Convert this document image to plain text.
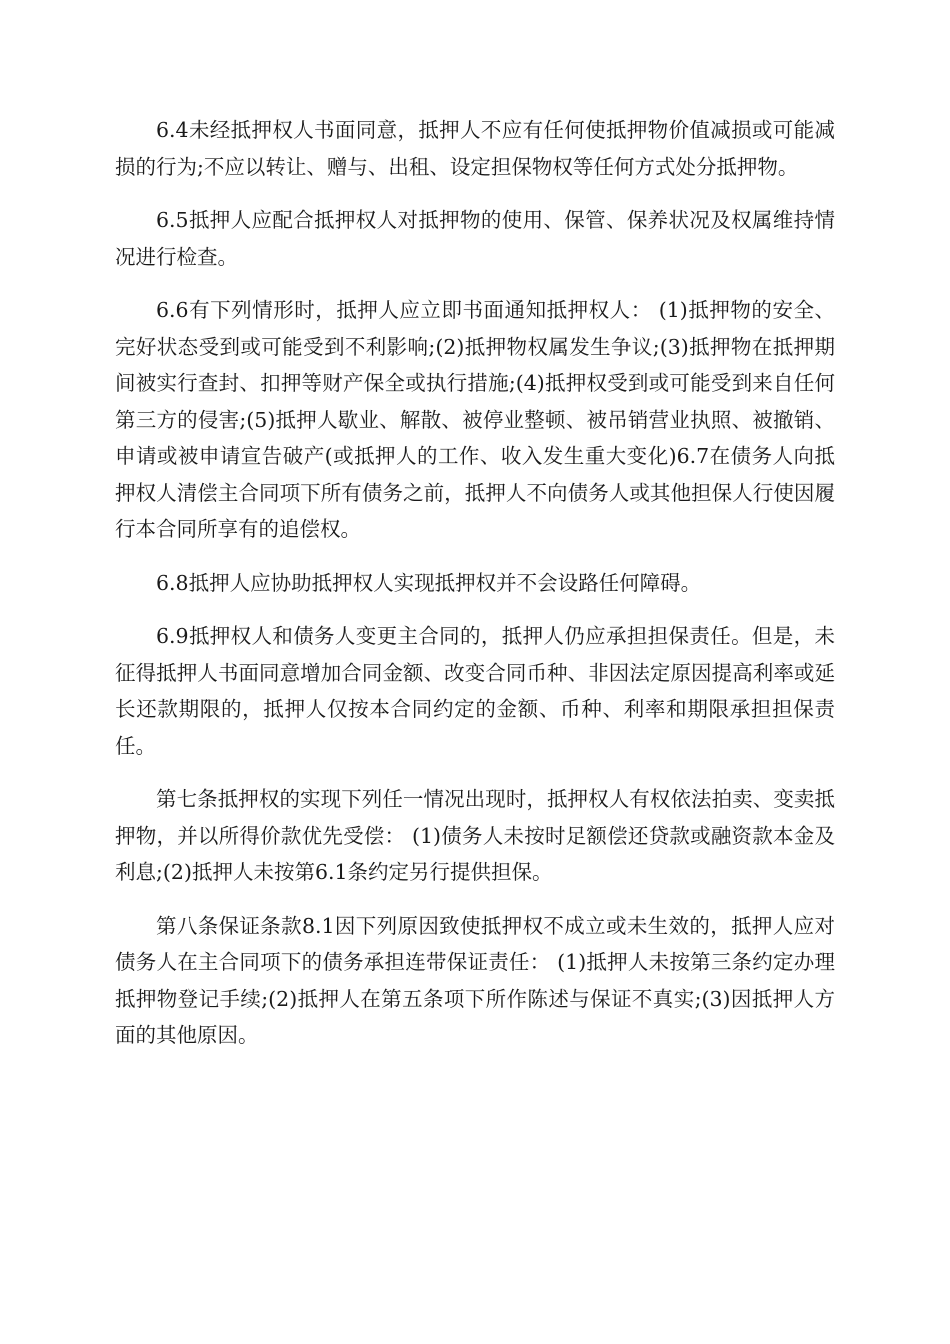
6.4未经抵押权人书面同意，抵押人不应有任何使抵押物价值减损或可能减损的行为;不应以转让、赠与、出租、设定担保物权等任何方式处分抵押物。

6.5抵押人应配合抵押权人对抵押物的使用、保管、保养状况及权属维持情况进行检查。

6.6有下列情形时，抵押人应立即书面通知抵押权人： (1)抵押物的安全、完好状态受到或可能受到不利影响;(2)抵押物权属发生争议;(3)抵押物在抵押期间被实行查封、扣押等财产保全或执行措施;(4)抵押权受到或可能受到来自任何第三方的侵害;(5)抵押人歇业、解散、被停业整顿、被吊销营业执照、被撤销、申请或被申请宣告破产(或抵押人的工作、收入发生重大变化)6.7在债务人向抵押权人清偿主合同项下所有债务之前，抵押人不向债务人或其他担保人行使因履行本合同所享有的追偿权。

6.8抵押人应协助抵押权人实现抵押权并不会设路任何障碍。

6.9抵押权人和债务人变更主合同的，抵押人仍应承担担保责任。但是，未征得抵押人书面同意增加合同金额、改变合同币种、非因法定原因提高利率或延长还款期限的，抵押人仅按本合同约定的金额、币种、利率和期限承担担保责任。

第七条抵押权的实现下列任一情况出现时，抵押权人有权依法拍卖、变卖抵押物，并以所得价款优先受偿： (1)债务人未按时足额偿还贷款或融资款本金及利息;(2)抵押人未按第6.1条约定另行提供担保。

第八条保证条款8.1因下列原因致使抵押权不成立或未生效的，抵押人应对债务人在主合同项下的债务承担连带保证责任： (1)抵押人未按第三条约定办理抵押物登记手续;(2)抵押人在第五条项下所作陈述与保证不真实;(3)因抵押人方面的其他原因。
